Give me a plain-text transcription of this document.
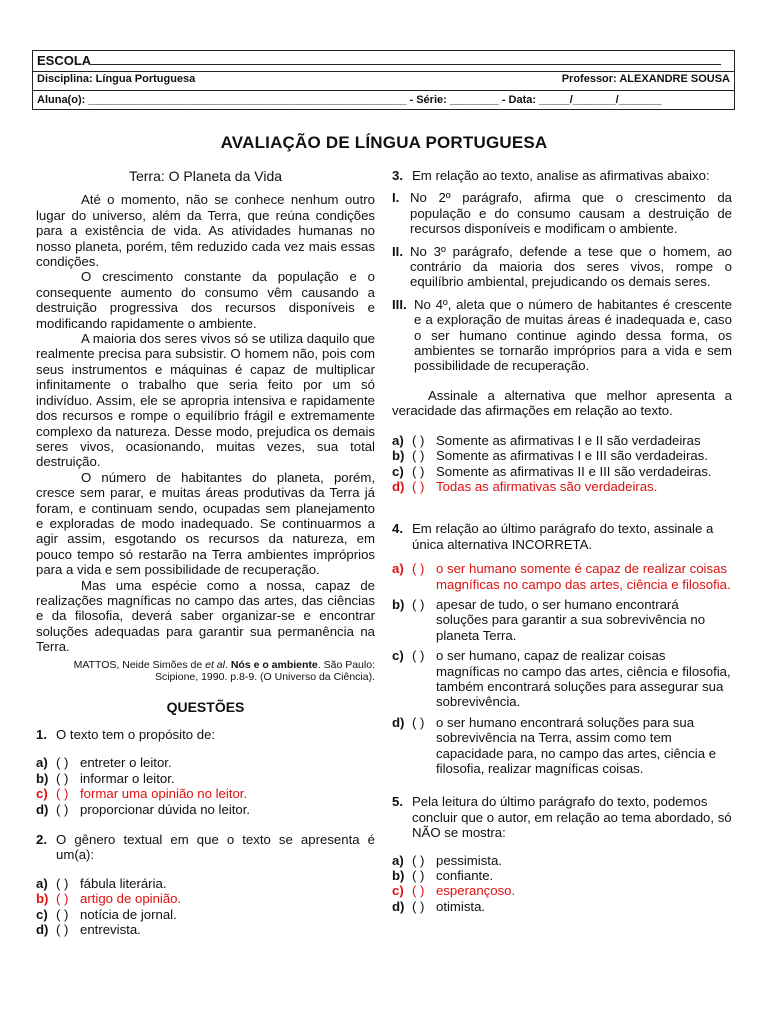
ESCOLA
Disciplina: Língua Portuguesa	Professor: ALEXANDRE SOUSA
Aluna(o): ____________________________________________________ - Série: ________ - Data: _____/_______/_______
AVALIAÇÃO DE LÍNGUA PORTUGUESA
Terra: O Planeta da Vida

Até o momento, não se conhece nenhum outro lugar do universo, além da Terra, que reúna condições para a existência de vida. As atividades humanas no nosso planeta, porém, têm reduzido cada vez mais essas condições.

O crescimento constante da população e o consequente aumento do consumo vêm causando a destruição progressiva dos recursos disponíveis e modificando rapidamente o ambiente.

A maioria dos seres vivos só se utiliza daquilo que realmente precisa para subsistir. O homem não, pois com seus instrumentos e máquinas é capaz de multiplicar infinitamente o trabalho que seria feito por um só indivíduo. Assim, ele se apropria intensiva e rapidamente dos recursos e rompe o equilíbrio frágil e extremamente complexo da natureza. Desse modo, prejudica os demais seres vivos, ocasionando, muitas vezes, sua total destruição.

O número de habitantes do planeta, porém, cresce sem parar, e muitas áreas produtivas da Terra já foram, e continuam sendo, ocupadas sem planejamento e exploradas de modo inadequado. Se continuarmos a agir assim, esgotando os recursos da natureza, em pouco tempo só restarão na Terra ambientes impróprios para a vida e sem possibilidade de recuperação.

Mas uma espécie como a nossa, capaz de realizações magníficas no campo das artes, das ciências e da filosofia, deverá saber organizar-se e encontrar soluções adequadas para garantir sua permanência na Terra.

MATTOS, Neide Simões de et al. Nós e o ambiente. São Paulo: Scipione, 1990. p.8-9. (O Universo da Ciência).

QUESTÕES
1. O texto tem o propósito de:
a) ( ) entreter o leitor.
b) ( ) informar o leitor.
c) ( ) formar uma opinião no leitor.
d) ( ) proporcionar dúvida no leitor.
2. O gênero textual em que o texto se apresenta é um(a):
a) ( ) fábula literária.
b) ( ) artigo de opinião.
c) ( ) notícia de jornal.
d) ( ) entrevista.
3. Em relação ao texto, analise as afirmativas abaixo:
I. No 2º parágrafo, afirma que o crescimento da população e do consumo causam a destruição de recursos disponíveis e modificam o ambiente.
II. No 3º parágrafo, defende a tese que o homem, ao contrário da maioria dos seres vivos, rompe o equilíbrio ambiental, prejudicando os demais seres.
III. No 4º, aleta que o número de habitantes é crescente e a exploração de muitas áreas é inadequada e, caso o ser humano continue agindo dessa forma, os ambientes se tornarão impróprios para a vida e sem possibilidade de recuperação.

Assinale a alternativa que melhor apresenta a veracidade das afirmações em relação ao texto.

a) ( ) Somente as afirmativas I e II são verdadeiras
b) ( ) Somente as afirmativas I e III são verdadeiras.
c) ( ) Somente as afirmativas II e III são verdadeiras.
d) ( ) Todas as afirmativas são verdadeiras.
4. Em relação ao último parágrafo do texto, assinale a única alternativa INCORRETA.
a) ( ) o ser humano somente é capaz de realizar coisas magníficas no campo das artes, ciência e filosofia.
b) ( ) apesar de tudo, o ser humano encontrará soluções para garantir a sua sobrevivência no planeta Terra.
c) ( ) o ser humano, capaz de realizar coisas magníficas no campo das artes, ciência e filosofia, também encontrará soluções para assegurar sua sobrevivência.
d) ( ) o ser humano encontrará soluções para sua sobrevivência na Terra, assim como tem capacidade para, no campo das artes, ciência e filosofia, realizar magníficas coisas.
5. Pela leitura do último parágrafo do texto, podemos concluir que o autor, em relação ao tema abordado, só NÃO se mostra:
a) ( ) pessimista.
b) ( ) confiante.
c) ( ) esperançoso.
d) ( ) otimista.
